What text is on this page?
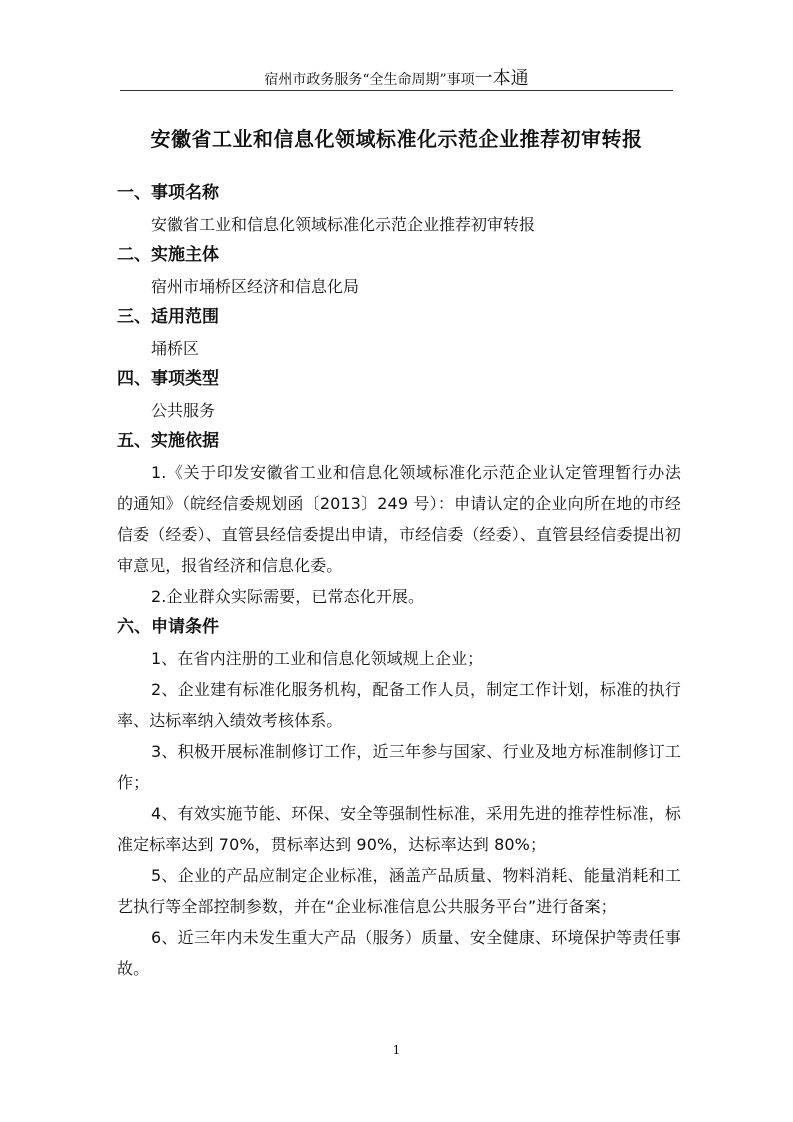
宿州市政务服务“全生命周期”事项一本通
安徽省工业和信息化领域标准化示范企业推荐初审转报
一、事项名称
安徽省工业和信息化领域标准化示范企业推荐初审转报
二、实施主体
宿州市埇桥区经济和信息化局
三、适用范围
埇桥区
四、事项类型
公共服务
五、实施依据
1.《关于印发安徽省工业和信息化领域标准化示范企业认定管理暂行办法的通知》（皖经信委规划函〔2013〕249 号）：申请认定的企业向所在地的市经信委（经委）、直管县经信委提出申请，市经信委（经委）、直管县经信委提出初审意见，报省经济和信息化委。
2.企业群众实际需要，已常态化开展。
六、申请条件
1、在省内注册的工业和信息化领域规上企业；
2、企业建有标准化服务机构，配备工作人员，制定工作计划，标准的执行率、达标率纳入绩效考核体系。
3、积极开展标准制修订工作，近三年参与国家、行业及地方标准制修订工作；
4、有效实施节能、环保、安全等强制性标准，采用先进的推荐性标准，标准定标率达到 70%，贯标率达到 90%，达标率达到 80%；
5、企业的产品应制定企业标准，涵盖产品质量、物料消耗、能量消耗和工艺执行等全部控制参数，并在“企业标准信息公共服务平台”进行备案；
6、近三年内未发生重大产品（服务）质量、安全健康、环境保护等责任事故。
1
